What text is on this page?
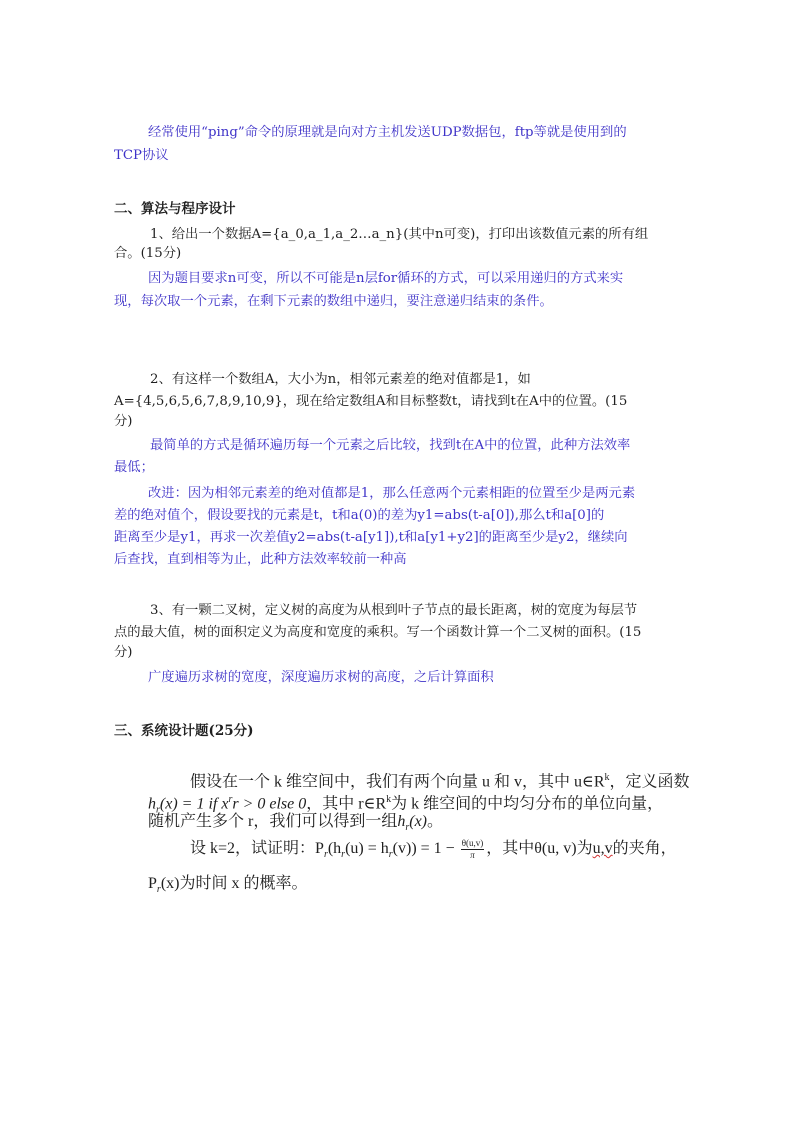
经常使用“ping”命令的原理就是向对方主机发送UDP数据包，ftp等就是使用到的

TCP协议

二、算法与程序设计

1、给出一个数据A={a_0,a_1,a_2…a_n}(其中n可变)，打印出该数值元素的所有组

合。(15分)

因为题目要求n可变，所以不可能是n层for循环的方式，可以采用递归的方式来实

现，每次取一个元素，在剩下元素的数组中递归，要注意递归结束的条件。

2、有这样一个数组A，大小为n，相邻元素差的绝对值都是1，如

A={4,5,6,5,6,7,8,9,10,9}，现在给定数组A和目标整数t，请找到t在A中的位置。(15

分)

最简单的方式是循环遍历每一个元素之后比较，找到t在A中的位置，此种方法效率

最低；

改进：因为相邻元素差的绝对值都是1，那么任意两个元素相距的位置至少是两元素

差的绝对值个，假设要找的元素是t，t和a(0)的差为y1=abs(t-a[0]),那么t和a[0]的

距离至少是y1，再求一次差值y2=abs(t-a[y1]),t和a[y1+y2]的距离至少是y2，继续向

后查找，直到相等为止，此种方法效率较前一种高

3、有一颗二叉树，定义树的高度为从根到叶子节点的最长距离，树的宽度为每层节

点的最大值，树的面积定义为高度和宽度的乘积。写一个函数计算一个二叉树的面积。(15

分)

广度遍历求树的宽度，深度遍历求树的高度，之后计算面积

三、系统设计题(25分)

假设在一个 k 维空间中，我们有两个向量 u 和 v，其中 $u\in R^k$，定义函数
$h_r(x) = 1$ if $x^rr > 0$ else 0，其中 $r\in R^k$为 k 维空间的中均匀分布的单位向量，
随机产生多个 r，我们可以得到一组$h_r(x)$。
设 k=2，试证明：$P_r(h_r(u) = h_r(v)) = 1 - \frac{\theta(u,v)}{\pi}$ ，其中θ(u, v)为u,v的夹角，
$P_r(x)$为时间 x 的概率。
